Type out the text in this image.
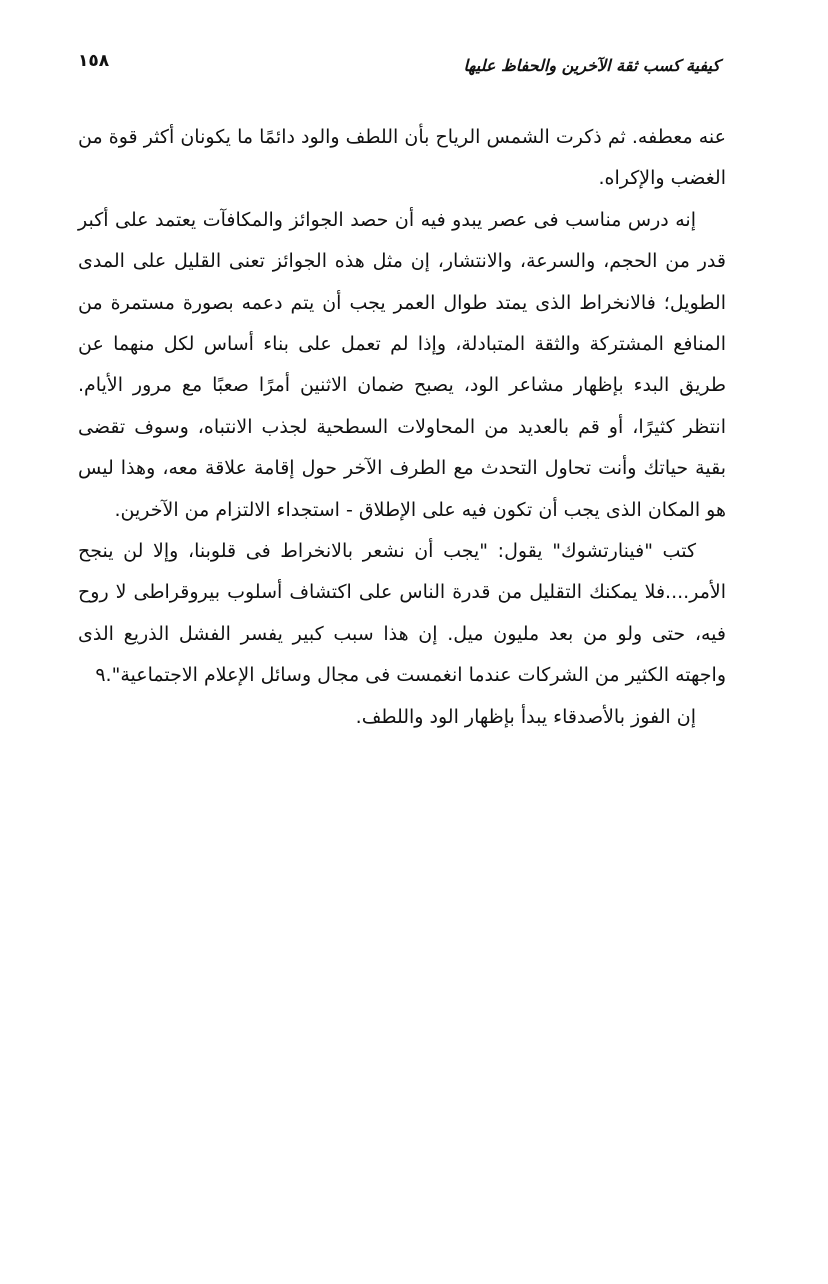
كيفية كسب ثقة الآخرين والحفاظ عليها
١٥٨

عنه معطفه. ثم ذكرت الشمس الرياح بأن اللطف والود دائمًا ما يكونان أكثر قوة من الغضب والإكراه.

إنه درس مناسب فى عصر يبدو فيه أن حصد الجوائز والمكافآت يعتمد على أكبر قدر من الحجم، والسرعة، والانتشار، إن مثل هذه الجوائز تعنى القليل على المدى الطويل؛ فالانخراط الذى يمتد طوال العمر يجب أن يتم دعمه بصورة مستمرة من المنافع المشتركة والثقة المتبادلة، وإذا لم تعمل على بناء أساس لكل منهما عن طريق البدء بإظهار مشاعر الود، يصبح ضمان الاثنين أمرًا صعبًا مع مرور الأيام. انتظر كثيرًا، أو قم بالعديد من المحاولات السطحية لجذب الانتباه، وسوف تقضى بقية حياتك وأنت تحاول التحدث مع الطرف الآخر حول إقامة علاقة معه، وهذا ليس هو المكان الذى يجب أن تكون فيه على الإطلاق - استجداء الالتزام من الآخرين.

كتب "فينارتشوك" يقول: "يجب أن نشعر بالانخراط فى قلوبنا، وإلا لن ينجح الأمر....فلا يمكنك التقليل من قدرة الناس على اكتشاف أسلوب بيروقراطى لا روح فيه، حتى ولو من بعد مليون ميل. إن هذا سبب كبير يفسر الفشل الذريع الذى واجهته الكثير من الشركات عندما انغمست فى مجال وسائل الإعلام الاجتماعية".٩

إن الفوز بالأصدقاء يبدأ بإظهار الود واللطف.
